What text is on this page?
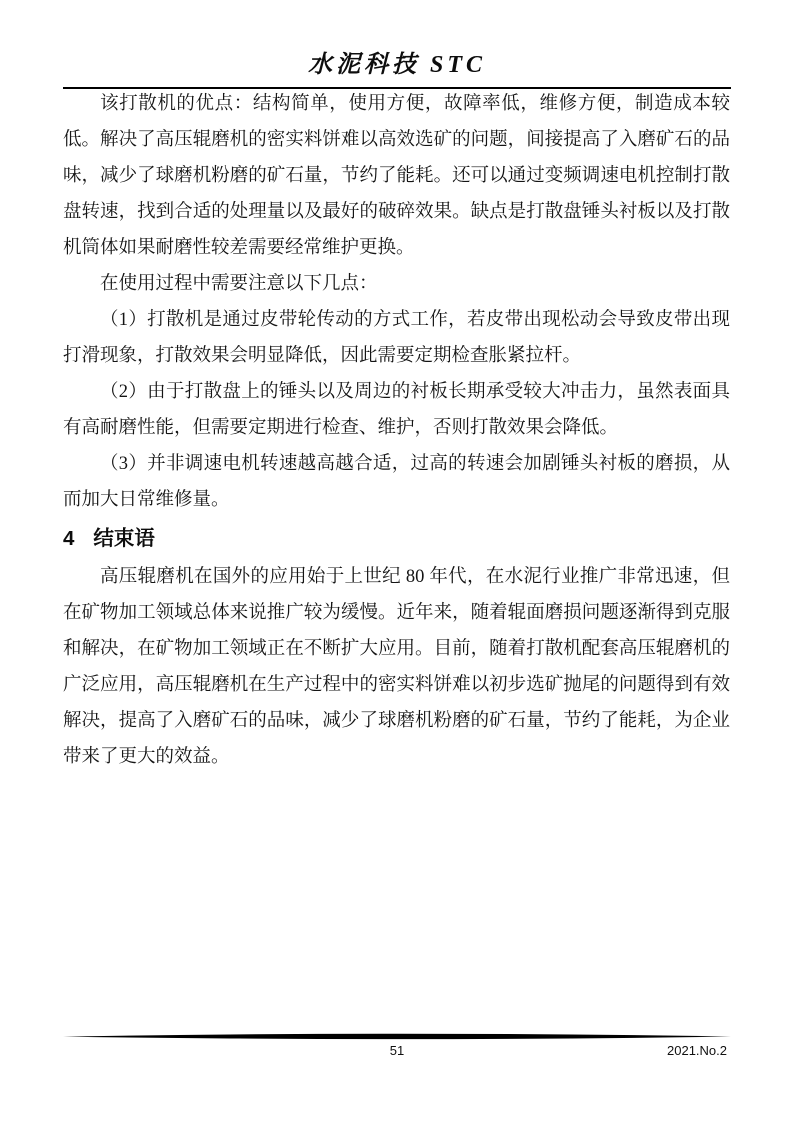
水泥科技 STC

该打散机的优点：结构简单，使用方便，故障率低，维修方便，制造成本较低。解决了高压辊磨机的密实料饼难以高效选矿的问题，间接提高了入磨矿石的品味，减少了球磨机粉磨的矿石量，节约了能耗。还可以通过变频调速电机控制打散盘转速，找到合适的处理量以及最好的破碎效果。缺点是打散盘锤头衬板以及打散机筒体如果耐磨性较差需要经常维护更换。

在使用过程中需要注意以下几点：

（1）打散机是通过皮带轮传动的方式工作，若皮带出现松动会导致皮带出现打滑现象，打散效果会明显降低，因此需要定期检查胀紧拉杆。

（2）由于打散盘上的锤头以及周边的衬板长期承受较大冲击力，虽然表面具有高耐磨性能，但需要定期进行检查、维护，否则打散效果会降低。

（3）并非调速电机转速越高越合适，过高的转速会加剧锤头衬板的磨损，从而加大日常维修量。

4 结束语

高压辊磨机在国外的应用始于上世纪 80 年代，在水泥行业推广非常迅速，但在矿物加工领域总体来说推广较为缓慢。近年来，随着辊面磨损问题逐渐得到克服和解决，在矿物加工领域正在不断扩大应用。目前，随着打散机配套高压辊磨机的广泛应用，高压辊磨机在生产过程中的密实料饼难以初步选矿抛尾的问题得到有效解决，提高了入磨矿石的品味，减少了球磨机粉磨的矿石量，节约了能耗，为企业带来了更大的效益。

51	2021.No.2
